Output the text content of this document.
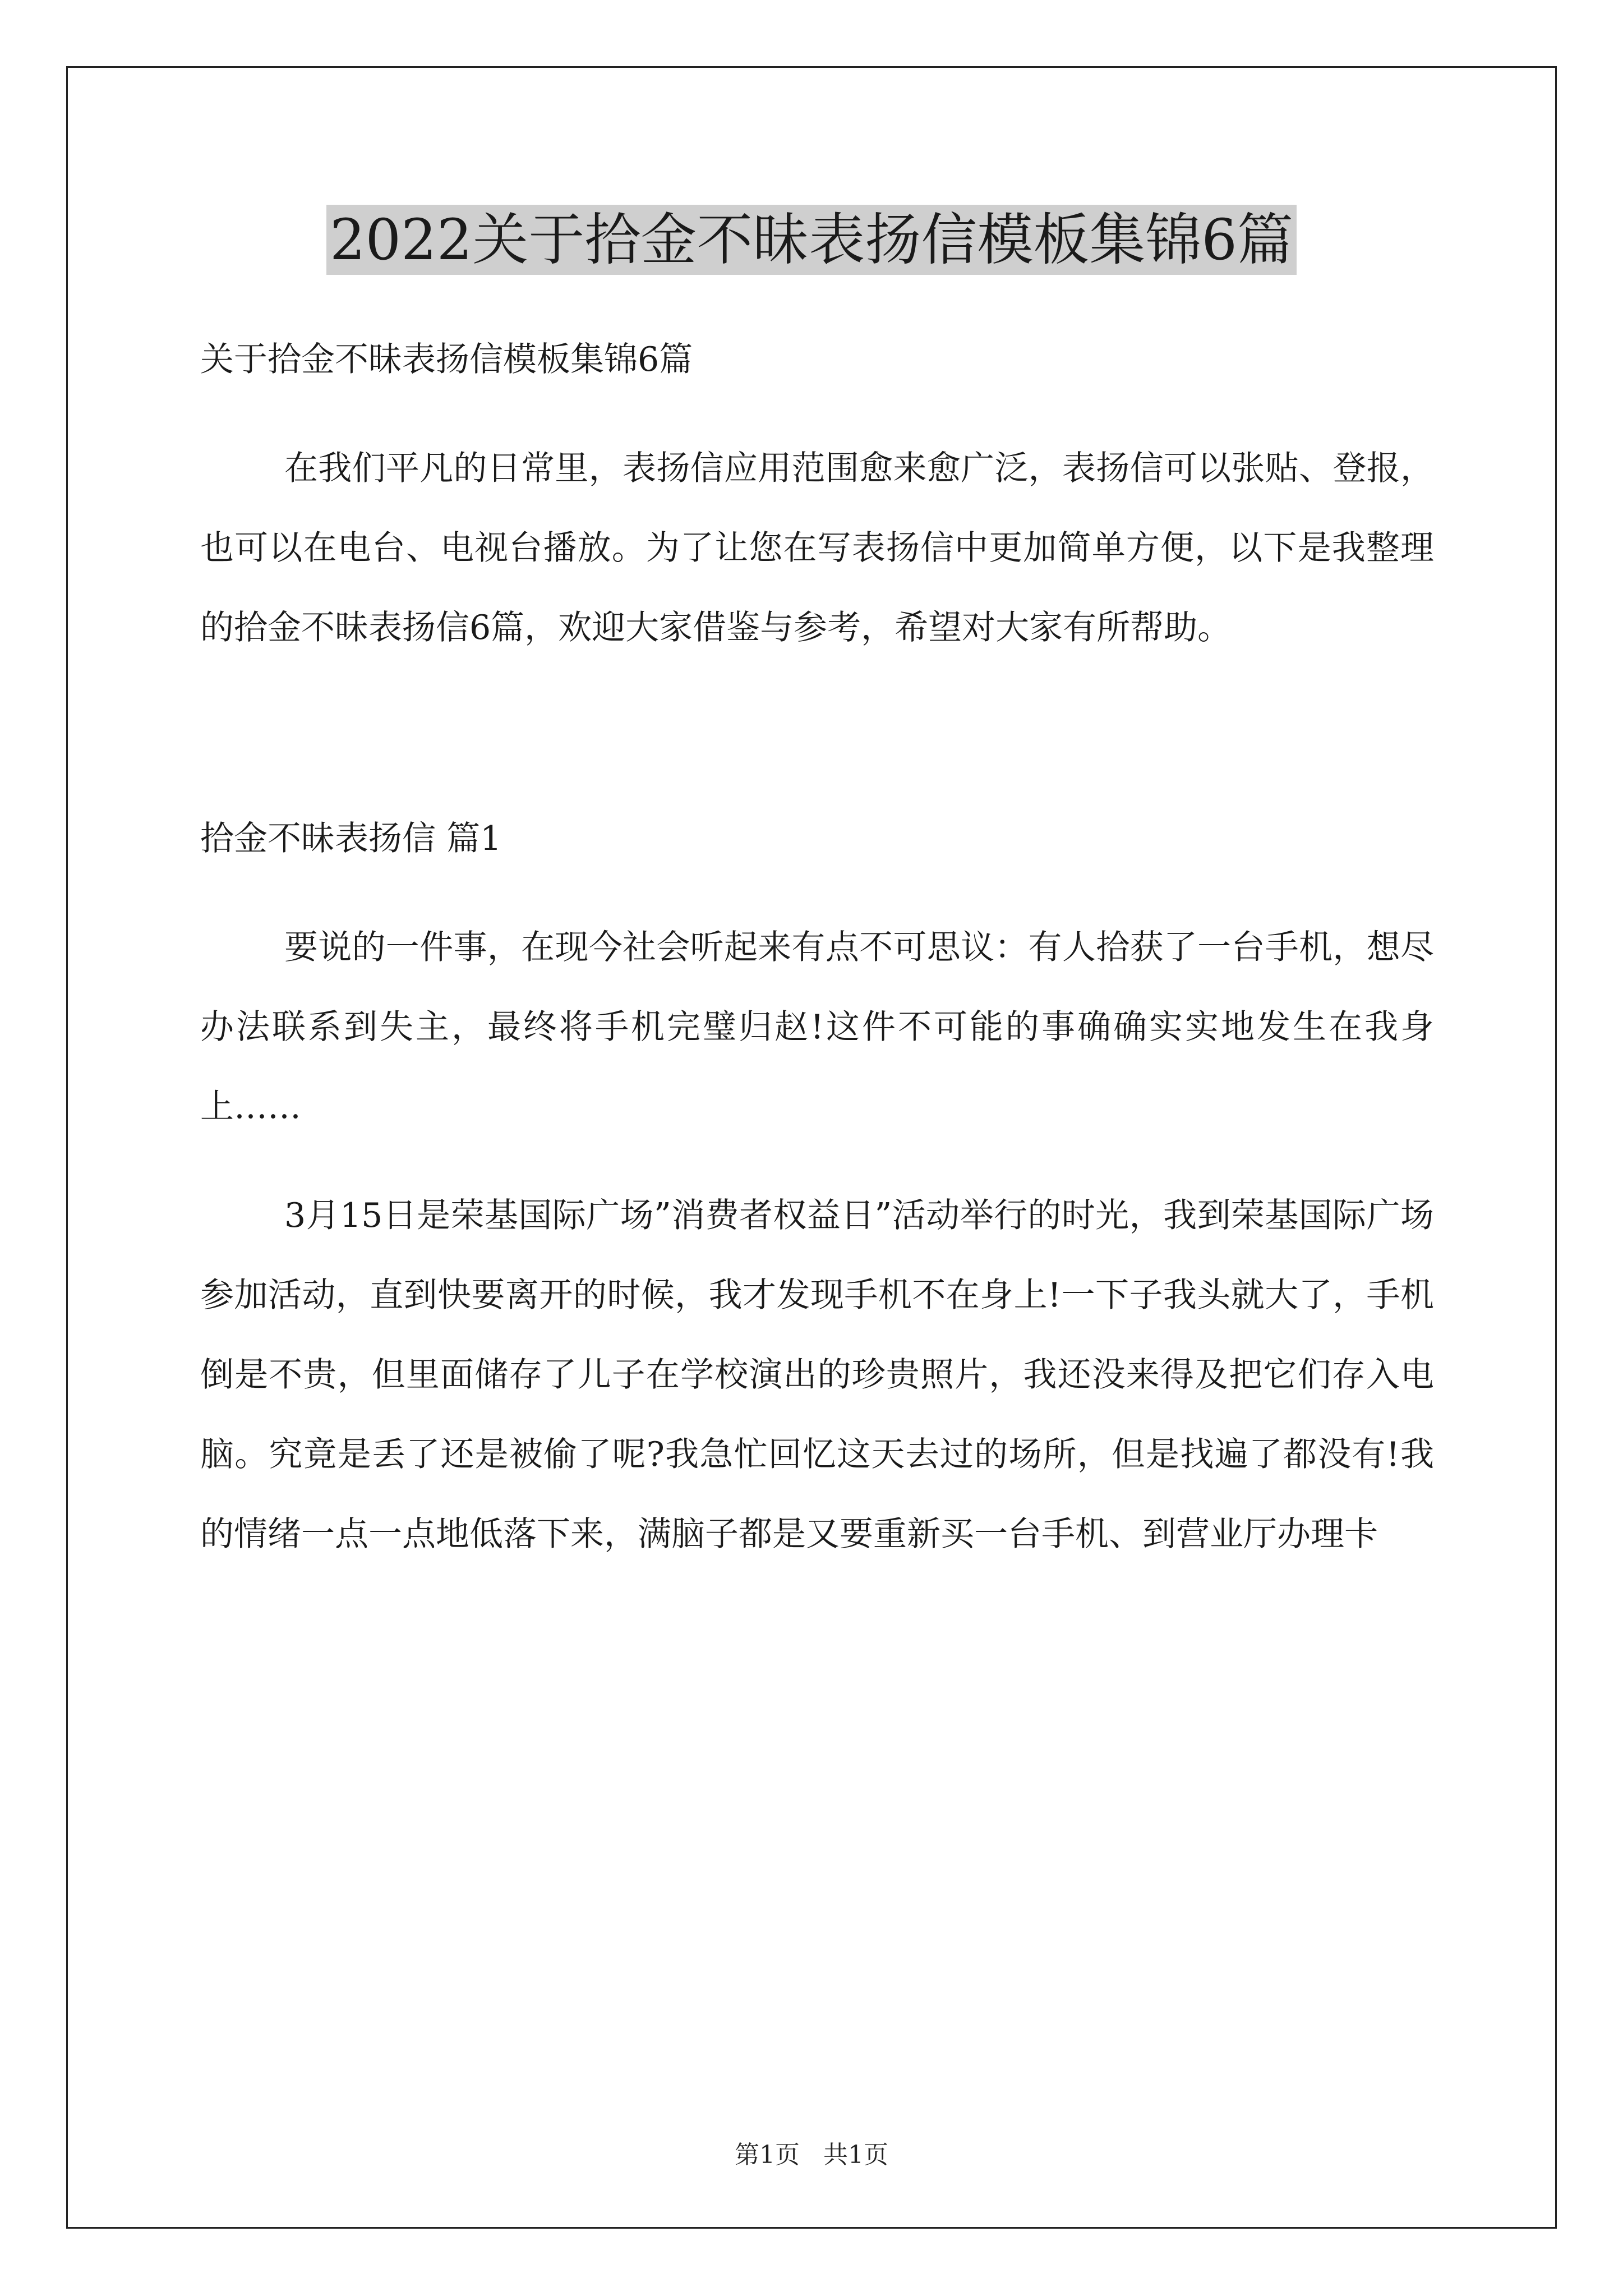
2022关于拾金不昧表扬信模板集锦6篇

关于拾金不昧表扬信模板集锦6篇

在我们平凡的日常里，表扬信应用范围愈来愈广泛，表扬信可以张贴、登报，也可以在电台、电视台播放。为了让您在写表扬信中更加简单方便，以下是我整理的拾金不昧表扬信6篇，欢迎大家借鉴与参考，希望对大家有所帮助。

拾金不昧表扬信 篇1

要说的一件事，在现今社会听起来有点不可思议：有人拾获了一台手机，想尽办法联系到失主，最终将手机完璧归赵!这件不可能的事确确实实地发生在我身上……

3月15日是荣基国际广场”消费者权益日”活动举行的时光，我到荣基国际广场参加活动，直到快要离开的时候，我才发现手机不在身上!一下子我头就大了，手机倒是不贵，但里面储存了儿子在学校演出的珍贵照片，我还没来得及把它们存入电脑。究竟是丢了还是被偷了呢?我急忙回忆这天去过的场所，但是找遍了都没有!我的情绪一点一点地低落下来，满脑子都是又要重新买一台手机、到营业厅办理卡

第1页   共1页
